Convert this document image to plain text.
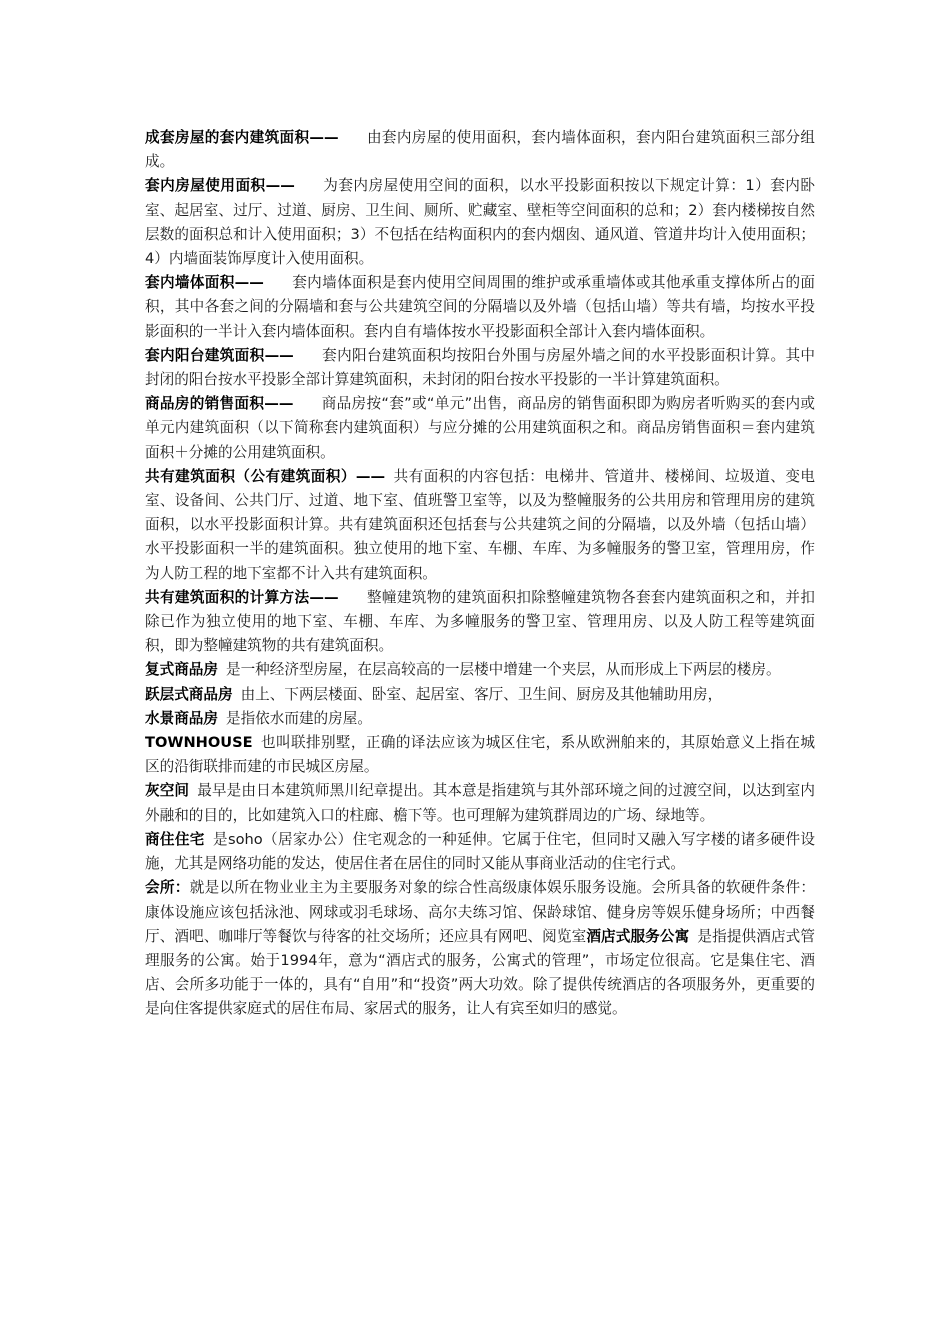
成套房屋的套内建筑面积—— 由套内房屋的使用面积，套内墙体面积，套内阳台建筑面积三部分组成。

套内房屋使用面积—— 为套内房屋使用空间的面积，以水平投影面积按以下规定计算：1）套内卧室、起居室、过厅、过道、厨房、卫生间、厕所、贮藏室、壁柜等空间面积的总和；2）套内楼梯按自然层数的面积总和计入使用面积；3）不包括在结构面积内的套内烟囱、通风道、管道井均计入使用面积；4）内墙面装饰厚度计入使用面积。

套内墙体面积—— 套内墙体面积是套内使用空间周围的维护或承重墙体或其他承重支撑体所占的面积，其中各套之间的分隔墙和套与公共建筑空间的分隔墙以及外墙（包括山墙）等共有墙，均按水平投影面积的一半计入套内墙体面积。套内自有墙体按水平投影面积全部计入套内墙体面积。

套内阳台建筑面积—— 套内阳台建筑面积均按阳台外围与房屋外墙之间的水平投影面积计算。其中封闭的阳台按水平投影全部计算建筑面积，未封闭的阳台按水平投影的一半计算建筑面积。

商品房的销售面积—— 商品房按“套”或“单元”出售，商品房的销售面积即为购房者听购买的套内或单元内建筑面积（以下简称套内建筑面积）与应分摊的公用建筑面积之和。商品房销售面积＝套内建筑面积＋分摊的公用建筑面积。

共有建筑面积（公有建筑面积）—— 共有面积的内容包括：电梯井、管道井、楼梯间、垃圾道、变电室、设备间、公共门厅、过道、地下室、值班警卫室等，以及为整幢服务的公共用房和管理用房的建筑面积，以水平投影面积计算。共有建筑面积还包括套与公共建筑之间的分隔墙，以及外墙（包括山墙）水平投影面积一半的建筑面积。独立使用的地下室、车棚、车库、为多幢服务的警卫室，管理用房，作为人防工程的地下室都不计入共有建筑面积。

共有建筑面积的计算方法—— 整幢建筑物的建筑面积扣除整幢建筑物各套套内建筑面积之和，并扣除已作为独立使用的地下室、车棚、车库、为多幢服务的警卫室、管理用房、以及人防工程等建筑面积，即为整幢建筑物的共有建筑面积。

复式商品房 是一种经济型房屋，在层高较高的一层楼中增建一个夹层，从而形成上下两层的楼房。

跃层式商品房 由上、下两层楼面、卧室、起居室、客厅、卫生间、厨房及其他辅助用房，

水景商品房 是指依水而建的房屋。

TOWNHOUSE 也叫联排别墅，正确的译法应该为城区住宅，系从欧洲舶来的，其原始意义上指在城区的沿街联排而建的市民城区房屋。

灰空间 最早是由日本建筑师黑川纪章提出。其本意是指建筑与其外部环境之间的过渡空间，以达到室内外融和的目的，比如建筑入口的柱廊、檐下等。也可理解为建筑群周边的广场、绿地等。

商住住宅 是soho（居家办公）住宅观念的一种延伸。它属于住宅，但同时又融入写字楼的诸多硬件设施，尤其是网络功能的发达，使居住者在居住的同时又能从事商业活动的住宅行式。

会所：就是以所在物业业主为主要服务对象的综合性高级康体娱乐服务设施。会所具备的软硬件条件：康体设施应该包括泳池、网球或羽毛球场、高尔夫练习馆、保龄球馆、健身房等娱乐健身场所；中西餐厅、酒吧、咖啡厅等餐饮与待客的社交场所；还应具有网吧、阅览室酒店式服务公寓 是指提供酒店式管理服务的公寓。始于1994年，意为“酒店式的服务，公寓式的管理”，市场定位很高。它是集住宅、酒店、会所多功能于一体的，具有“自用”和“投资”两大功效。除了提供传统酒店的各项服务外，更重要的是向住客提供家庭式的居住布局、家居式的服务，让人有宾至如归的感觉。
